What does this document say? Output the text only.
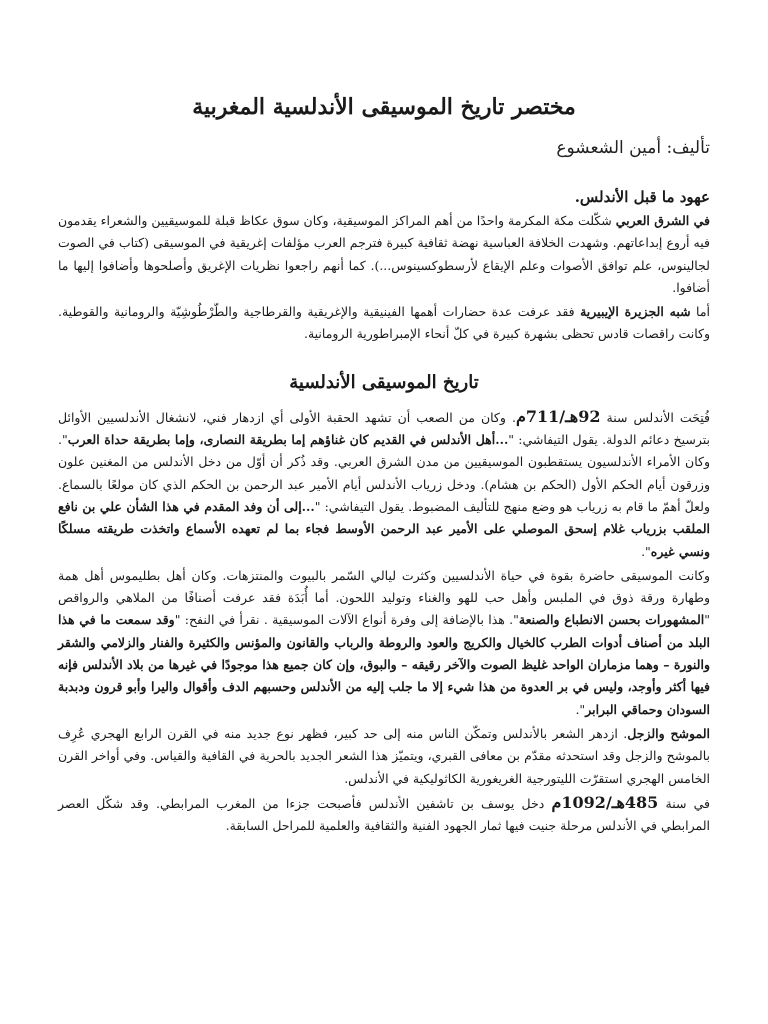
مختصر تاريخ الموسيقى الأندلسية المغربية
تأليف: أمين الشعشوع
عهود ما قبل الأندلس.

في الشرق العربي شكّلت مكة المكرمة واحدًا من أهم المراكز الموسيقية، وكان سوق عكاظ قبلة للموسيقيين والشعراء يقدمون فيه أروع إبداعاتهم. وشهدت الخلافة العباسية نهضة ثقافية كبيرة فترجم العرب مؤلفات إغريقية في الموسيقى (كتاب في الصوت لجالينوس، علم توافق الأصوات وعلم الإيقاع لأرسطوكسينوس...). كما أنهم راجعوا نظريات الإغريق وأصلحوها وأضافوا إليها ما أضافوا.

أما شبه الجزيرة الإيبيرية فقد عرفت عدة حضارات أهمها الفينيقية والإغريقية والقرطاجية والطّرْطُوشِيّة والرومانية والقوطية. وكانت راقصات قادس تحظى بشهرة كبيرة في كلّ أنحاء الإمبراطورية الرومانية.

تاريخ الموسيقى الأندلسية

فُتِحَت الأندلس سنة 92هـ/711م. وكان من الصعب أن تشهد الحقبة الأولى أي ازدهار فني، لانشغال الأندلسيين الأوائل بترسيخ دعائم الدولة. يقول التيفاشي: "...أهل الأندلس في القديم كان غناؤهم إما بطريقة النصارى، وإما بطريقة حداة العرب". وكان الأمراء الأندلسيون يستقطبون الموسيقيين من مدن الشرق العربي. وقد ذُكر أن أوّل من دخل الأندلس من المغنين علون وزرقون أيام الحكم الأول (الحكم بن هشام). ودخل زرياب الأندلس أيام الأمير عبد الرحمن بن الحكم الذي كان مولعًا بالسماع. ولعلّ أهمّ ما قام به زرياب هو وضع منهج للتأليف المضبوط. يقول التيفاشي: "...إلى أن وفد المقدم في هذا الشأن علي بن نافع الملقب بزرياب غلام إسحق الموصلي على الأمير عبد الرحمن الأوسط فجاء بما لم تعهده الأسماع واتخذت طريقته مسلكًا ونسي غيره".

وكانت الموسيقى حاضرة بقوة في حياة الأندلسيين وكثرت ليالي السّمر بالبيوت والمنتزهات. وكان أهل بطليموس أهل همة وطهارة ورقة ذوق في الملبس وأهل حب للهو والغناء وتوليد اللحون. أما أُبَدَة فقد عرفت أصنافًا من الملاهي والرواقص "المشهورات بحسن الانطباع والصنعة". هذا بالإضافة إلى وفرة أنواع الآلات الموسيقية . نقرأ في النفح: "وقد سمعت ما في هذا البلد من أصناف أدوات الطرب كالخيال والكريج والعود والروطة والرباب والقانون والمؤنس والكثيرة والفنار والزلامي والشقر والنورة – وهما مزماران الواحد غليظ الصوت والآخر رقيقه – والبوق، وإن كان جميع هذا موجودًا في غيرها من بلاد الأندلس فإنه فيها أكثر وأوجد، وليس في بر العدوة من هذا شيء إلا ما جلب إليه من الأندلس وحسبهم الدف وأقوال واليرا وأبو قرون ودبدبة السودان وحماقي البرابر".

الموشح والزجل. ازدهر الشعر بالأندلس وتمكّن الناس منه إلى حد كبير، فظهر نوع جديد منه في القرن الرابع الهجري عُرِف بالموشح والزجل وقد استحدثه مقدّم بن معافى القبري، ويتميّز هذا الشعر الجديد بالحرية في القافية والقياس. وفي أواخر القرن الخامس الهجري استقرّت الليتورجية الغريغورية الكاثوليكية في الأندلس.

في سنة 485هـ/1092م دخل يوسف بن تاشفين الأندلس فأصبحت جزءا من المغرب المرابطي. وقد شكّل العصر المرابطي في الأندلس مرحلة جنيت فيها ثمار الجهود الفنية والثقافية والعلمية للمراحل السابقة.
